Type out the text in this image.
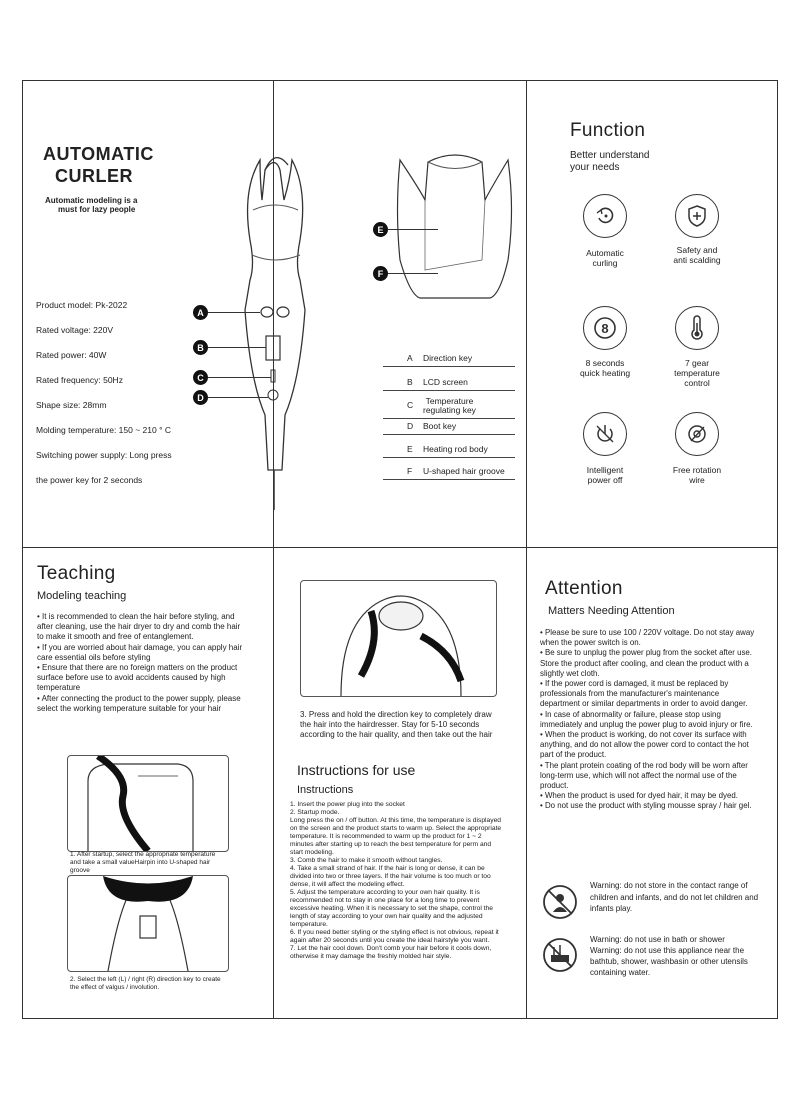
AUTOMATIC
CURLER
Automatic modeling is a
must for lazy people
Product model: Pk-2022
Rated voltage: 220V
Rated power: 40W
Rated frequency: 50Hz
Shape size: 28mm
Molding temperature: 150 ~ 210 ° C
Switching power supply: Long press
the power key for 2 seconds
A
B
C
D
E
F
A Direction key
B LCD screen
C	Temperature
regulating key
D Boot key
E Heating rod body
F U-shaped hair groove
Function
Better understand
your needs
Automatic
curling
Safety and
anti scalding
8
8 seconds
quick heating
7 gear
temperature
control
Intelligent
power off
Free rotation
wire
Teaching
Modeling teaching
• It is recommended to clean the hair before styling, and after cleaning, use the hair dryer to dry and comb the hair to make it smooth and free of entanglement.
• If you are worried about hair damage, you can apply hair care essential oils before styling
• Ensure that there are no foreign matters on the product surface before use to avoid accidents caused by high temperature
• After connecting the product to the power supply, please select the working temperature suitable for your hair
1. After startup, select the appropriate temperature and take a small valueHairpin into U-shaped hair groove
2. Select the left (L) / right (R) direction key to create the effect of valgus / involution.
3. Press and hold the direction key to completely draw the hair into the hairdresser. Stay for 5-10 seconds according to the hair quality, and then take out the hair
Instructions for use
Instructions
1. Insert the power plug into the socket
2. Startup mode.
Long press the on / off button. At this time, the temperature is displayed on the screen and the product starts to warm up. Select the appropriate temperature. It is recommended to warm up the product for 1 ~ 2 minutes after starting up to reach the best temperature for perm and start modeling.
3. Comb the hair to make it smooth without tangles.
4. Take a small strand of hair. If the hair is long or dense, it can be divided into two or three layers. If the hair volume is too much or too dense, it will affect the modeling effect.
5. Adjust the temperature according to your own hair quality. It is recommended not to stay in one place for a long time to prevent excessive heating. When it is necessary to set the shape, control the length of stay according to your own hair quality and the adjusted temperature.
6. If you need better styling or the styling effect is not obvious, repeat it again after 20 seconds until you create the ideal hairstyle you want.
7. Let the hair cool down. Don't comb your hair before it cools down, otherwise it may damage the freshly molded hair style.
Attention
Matters Needing Attention
• Please be sure to use 100 / 220V voltage. Do not stay away when the power switch is on.
• Be sure to unplug the power plug from the socket after use. Store the product after cooling, and clean the product with a slightly wet cloth.
• If the power cord is damaged, it must be replaced by professionals from the manufacturer's maintenance department or similar departments in order to avoid danger.
• In case of abnormality or failure, please stop using immediately and unplug the power plug to avoid injury or fire.
• When the product is working, do not cover its surface with anything, and do not allow the power cord to contact the hot part of the product.
• The plant protein coating of the rod body will be worn after long-term use, which will not affect the normal use of the product.
• When the product is used for dyed hair, it may be dyed.
• Do not use the product with styling mousse spray / hair gel.
Warning: do not store in the contact range of children and infants, and do not let children and infants play.
Warning: do not use in bath or shower
Warning: do not use this appliance near the bathtub, shower, washbasin or other utensils containing water.
